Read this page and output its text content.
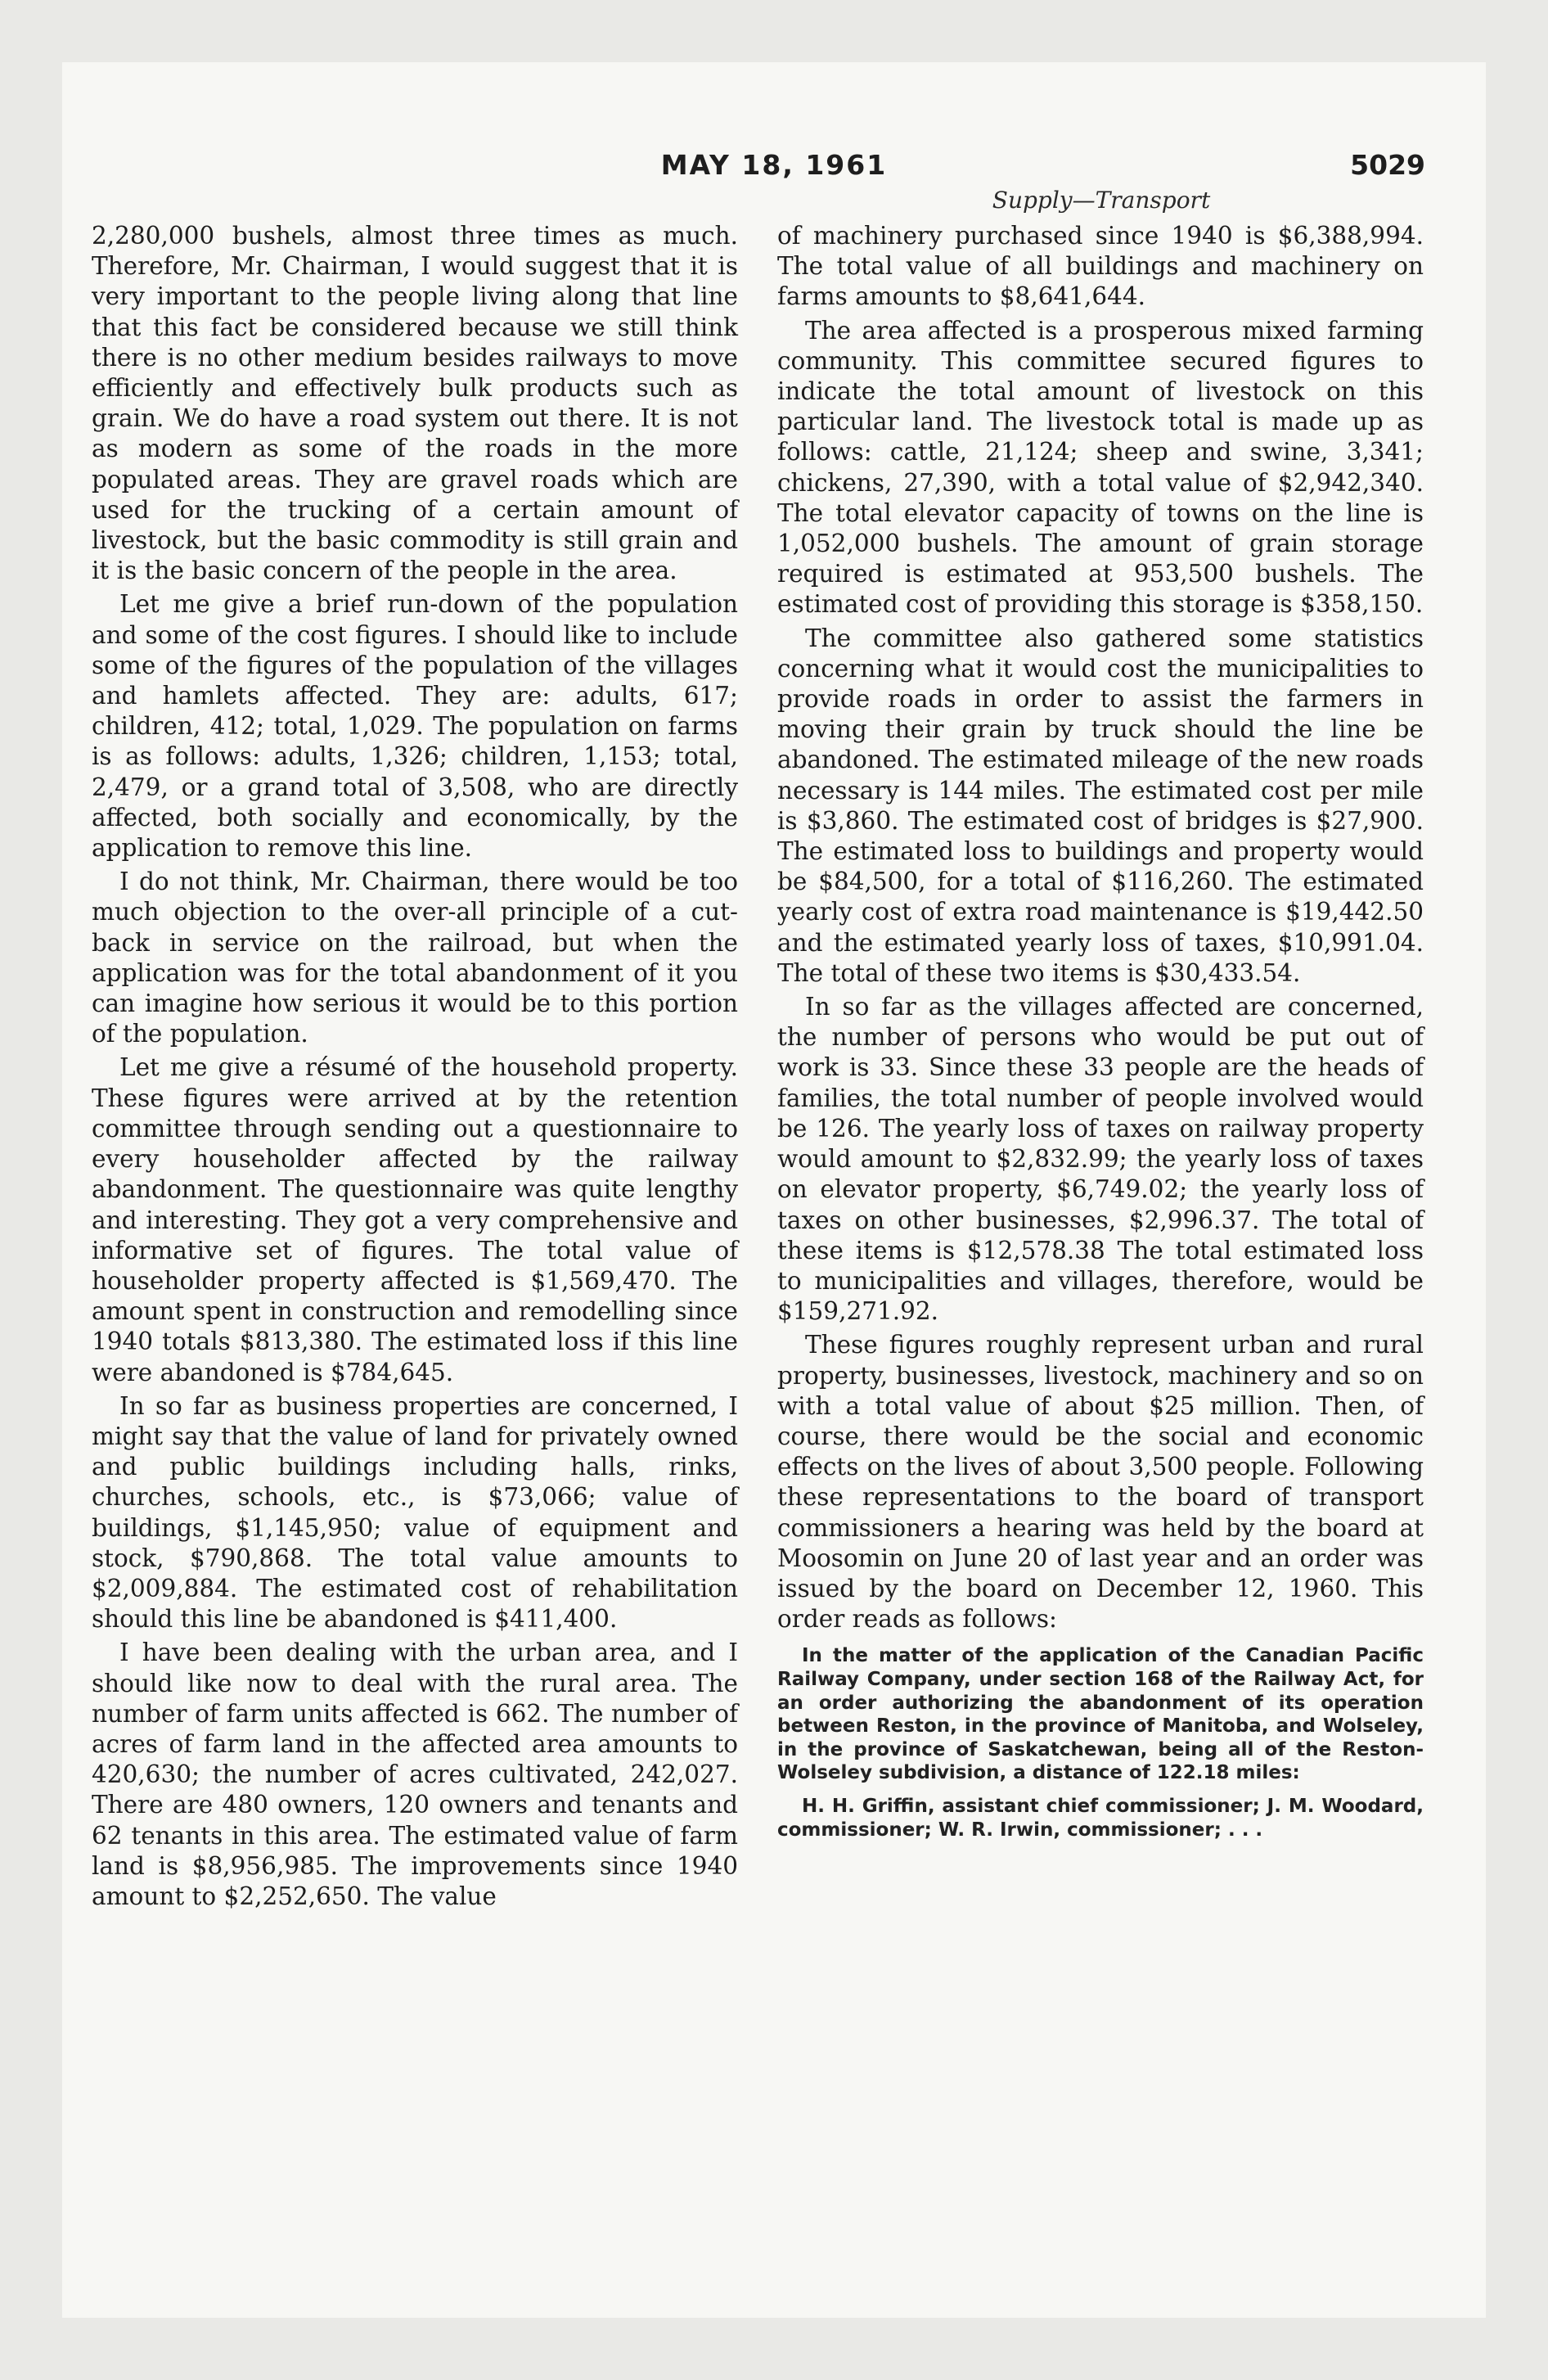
MAY 18, 1961	5029
Supply—Transport

2,280,000 bushels, almost three times as much. Therefore, Mr. Chairman, I would suggest that it is very important to the people living along that line that this fact be considered because we still think there is no other medium besides railways to move efficiently and effectively bulk products such as grain. We do have a road system out there. It is not as modern as some of the roads in the more populated areas. They are gravel roads which are used for the trucking of a certain amount of livestock, but the basic commodity is still grain and it is the basic concern of the people in the area.

Let me give a brief run-down of the population and some of the cost figures. I should like to include some of the figures of the population of the villages and hamlets affected. They are: adults, 617; children, 412; total, 1,029. The population on farms is as follows: adults, 1,326; children, 1,153; total, 2,479, or a grand total of 3,508, who are directly affected, both socially and economically, by the application to remove this line.

I do not think, Mr. Chairman, there would be too much objection to the over-all principle of a cut-back in service on the railroad, but when the application was for the total abandonment of it you can imagine how serious it would be to this portion of the population.

Let me give a résumé of the household property. These figures were arrived at by the retention committee through sending out a questionnaire to every householder affected by the railway abandonment. The questionnaire was quite lengthy and interesting. They got a very comprehensive and informative set of figures. The total value of householder property affected is $1,569,470. The amount spent in construction and remodelling since 1940 totals $813,380. The estimated loss if this line were abandoned is $784,645.

In so far as business properties are concerned, I might say that the value of land for privately owned and public buildings including halls, rinks, churches, schools, etc., is $73,066; value of buildings, $1,145,950; value of equipment and stock, $790,868. The total value amounts to $2,009,884. The estimated cost of rehabilitation should this line be abandoned is $411,400.

I have been dealing with the urban area, and I should like now to deal with the rural area. The number of farm units affected is 662. The number of acres of farm land in the affected area amounts to 420,630; the number of acres cultivated, 242,027. There are 480 owners, 120 owners and tenants and 62 tenants in this area. The estimated value of farm land is $8,956,985. The improvements since 1940 amount to $2,252,650. The value

of machinery purchased since 1940 is $6,388,994. The total value of all buildings and machinery on farms amounts to $8,641,644.

The area affected is a prosperous mixed farming community. This committee secured figures to indicate the total amount of livestock on this particular land. The livestock total is made up as follows: cattle, 21,124; sheep and swine, 3,341; chickens, 27,390, with a total value of $2,942,340. The total elevator capacity of towns on the line is 1,052,000 bushels. The amount of grain storage required is estimated at 953,500 bushels. The estimated cost of providing this storage is $358,150.

The committee also gathered some statistics concerning what it would cost the municipalities to provide roads in order to assist the farmers in moving their grain by truck should the line be abandoned. The estimated mileage of the new roads necessary is 144 miles. The estimated cost per mile is $3,860. The estimated cost of bridges is $27,900. The estimated loss to buildings and property would be $84,500, for a total of $116,260. The estimated yearly cost of extra road maintenance is $19,442.50 and the estimated yearly loss of taxes, $10,991.04. The total of these two items is $30,433.54.

In so far as the villages affected are concerned, the number of persons who would be put out of work is 33. Since these 33 people are the heads of families, the total number of people involved would be 126. The yearly loss of taxes on railway property would amount to $2,832.99; the yearly loss of taxes on elevator property, $6,749.02; the yearly loss of taxes on other businesses, $2,996.37. The total of these items is $12,578.38 The total estimated loss to municipalities and villages, therefore, would be $159,271.92.

These figures roughly represent urban and rural property, businesses, livestock, machinery and so on with a total value of about $25 million. Then, of course, there would be the social and economic effects on the lives of about 3,500 people. Following these representations to the board of transport commissioners a hearing was held by the board at Moosomin on June 20 of last year and an order was issued by the board on December 12, 1960. This order reads as follows:

In the matter of the application of the Canadian Pacific Railway Company, under section 168 of the Railway Act, for an order authorizing the abandonment of its operation between Reston, in the province of Manitoba, and Wolseley, in the province of Saskatchewan, being all of the Reston-Wolseley subdivision, a distance of 122.18 miles:

H. H. Griffin, assistant chief commissioner; J. M. Woodard, commissioner; W. R. Irwin, commissioner; . . .
